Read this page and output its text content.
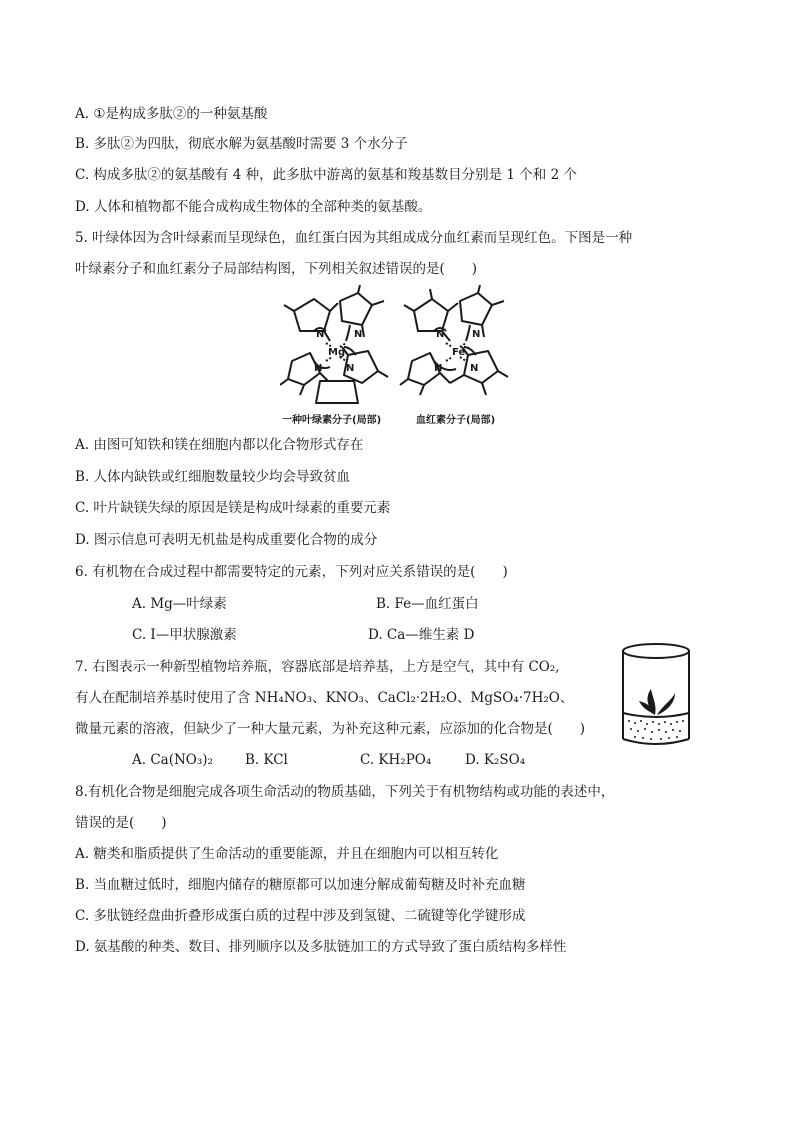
A. ①是构成多肽②的一种氨基酸
B. 多肽②为四肽，彻底水解为氨基酸时需要 3 个水分子
C. 构成多肽②的氨基酸有 4 种，此多肽中游离的氨基和羧基数目分别是 1 个和 2 个
D. 人体和植物都不能合成构成生物体的全部种类的氨基酸。
5. 叶绿体因为含叶绿素而呈现绿色，血红蛋白因为其组成成分血红素而呈现红色。下图是一种
叶绿素分子和血红素分子局部结构图，下列相关叙述错误的是(　　)
N	N
Mg
N N
N	N
Fe
N	N
一种叶绿素分子(局部)	血红素分子(局部)
A. 由图可知铁和镁在细胞内都以化合物形式存在
B. 人体内缺铁或红细胞数量较少均会导致贫血
C. 叶片缺镁失绿的原因是镁是构成叶绿素的重要元素
D. 图示信息可表明无机盐是构成重要化合物的成分
6. 有机物在合成过程中都需要特定的元素，下列对应关系错误的是(　　)
A. Mg—叶绿素	B. Fe—血红蛋白
C. I—甲状腺激素	D. Ca—维生素 D
7. 右图表示一种新型植物培养瓶，容器底部是培养基，上方是空气，其中有 CO₂,
有人在配制培养基时使用了含 NH₄NO₃、KNO₃、CaCl₂·2H₂O、MgSO₄·7H₂O、
微量元素的溶液，但缺少了一种大量元素，为补充这种元素，应添加的化合物是(　　)
A. Ca(NO₃)₂ B. KCl	C. KH₂PO₄ D. K₂SO₄
8.有机化合物是细胞完成各项生命活动的物质基础，下列关于有机物结构或功能的表述中，
错误的是(　　)
A. 糖类和脂质提供了生命活动的重要能源，并且在细胞内可以相互转化
B. 当血糖过低时，细胞内储存的糖原都可以加速分解成葡萄糖及时补充血糖
C. 多肽链经盘曲折叠形成蛋白质的过程中涉及到氢键、二硫键等化学键形成
D. 氨基酸的种类、数目、排列顺序以及多肽链加工的方式导致了蛋白质结构多样性
